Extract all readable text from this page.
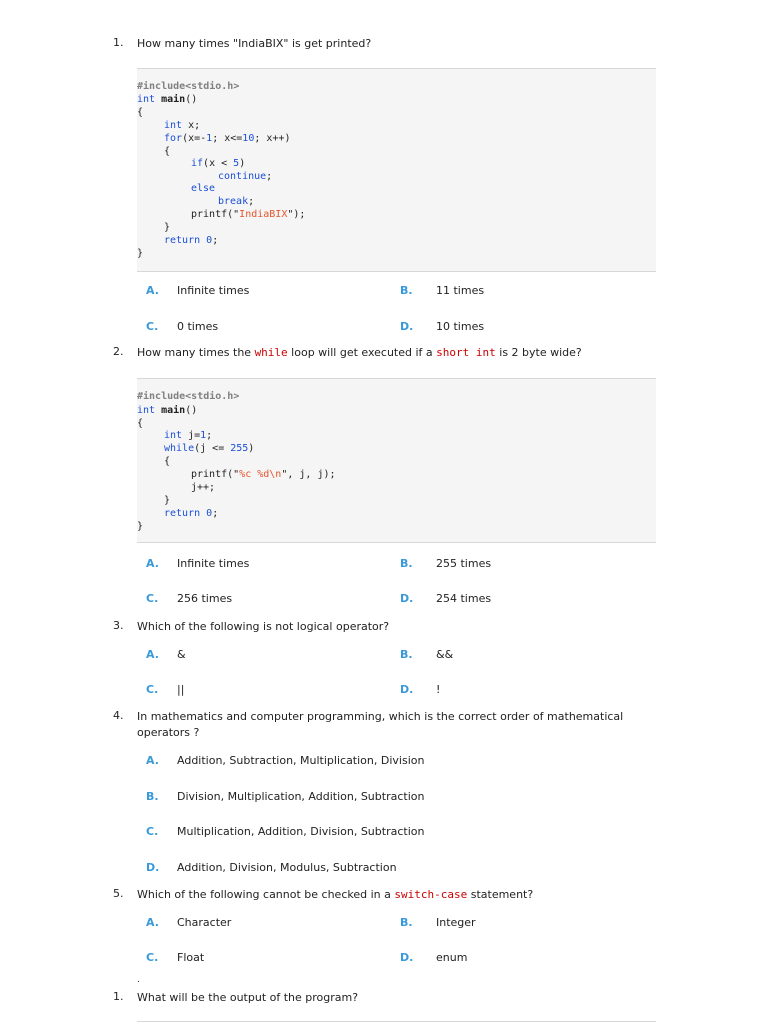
1. How many times "IndiaBIX" is get printed?
#include<stdio.h>
int main()
{
int x;
for(x=-1; x<=10; x++)
{
if(x < 5)
continue;
else
break;
printf("IndiaBIX");
}
return 0;
}
A. Infinite times	B. 11 times
C. 0 times	D. 10 times
2. How many times the while loop will get executed if a short int is 2 byte wide?
#include<stdio.h>
int main()
{
int j=1;
while(j <= 255)
{
printf("%c %d\n", j, j);
j++;
}
return 0;
}
A. Infinite times	B. 255 times
C. 256 times	D. 254 times
3. Which of the following is not logical operator?
A. &	B. &&
C. ||	D. !
4. In mathematics and computer programming, which is the correct order of mathematical operators ?
A. Addition, Subtraction, Multiplication, Division
B. Division, Multiplication, Addition, Subtraction
C. Multiplication, Addition, Division, Subtraction
D. Addition, Division, Modulus, Subtraction
5. Which of the following cannot be checked in a switch-case statement?
A. Character	B. Integer
C. Float	D. enum
.
1. What will be the output of the program?
